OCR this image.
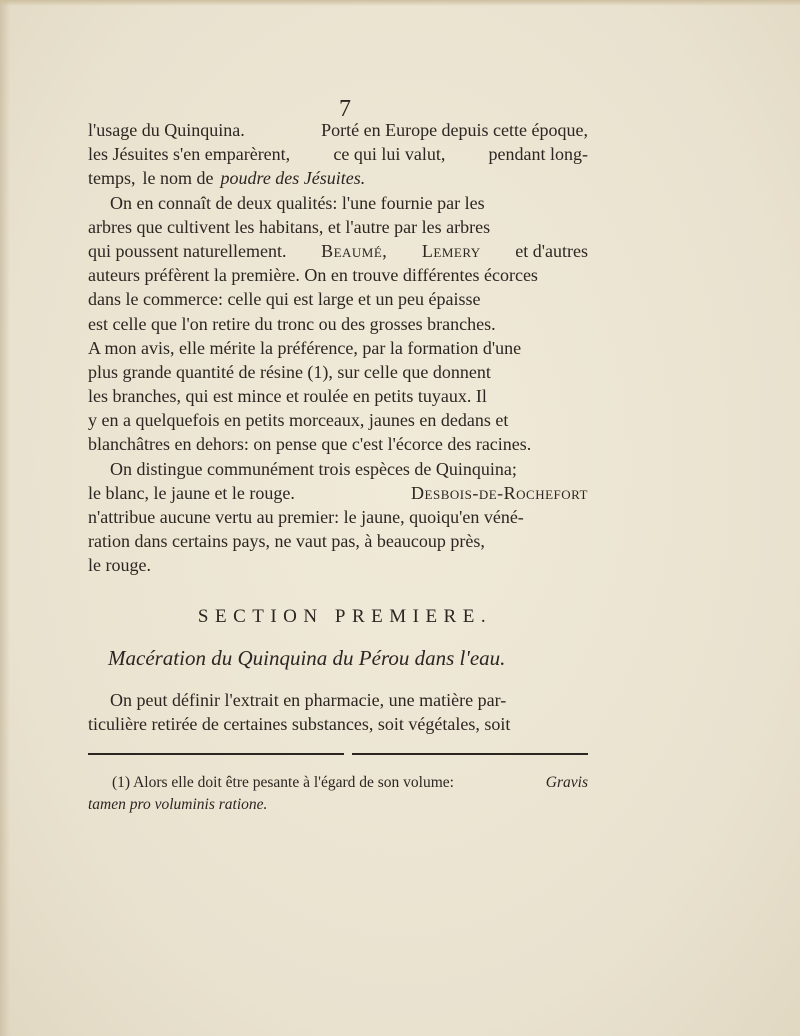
7
l'usage du Quinquina.	Porté en Europe depuis cette époque,
les Jésuites s'en emparèrent, ce qui lui valut, pendant long-
temps, le nom de poudre des Jésuites.
On en connaît de deux qualités: l'une fournie par les
arbres que cultivent les habitans, et l'autre par les arbres
qui poussent naturellement. Beaumé, Lemery et d'autres
auteurs préfèrent la première. On en trouve différentes écorces
dans le commerce: celle qui est large et un peu épaisse
est celle que l'on retire du tronc ou des grosses branches.
A mon avis, elle mérite la préférence, par la formation d'une
plus grande quantité de résine (1), sur celle que donnent
les branches, qui est mince et roulée en petits tuyaux. Il
y en a quelquefois en petits morceaux, jaunes en dedans et
blanchâtres en dehors: on pense que c'est l'écorce des racines.
On distingue communément trois espèces de Quinquina;
le blanc, le jaune et le rouge.	Desbois-de-Rochefort
n'attribue aucune vertu au premier: le jaune, quoiqu'en véné-
ration dans certains pays, ne vaut pas, à beaucoup près,
le rouge.
SECTION PREMIERE.
Macération du Quinquina du Pérou dans l'eau.
On peut définir l'extrait en pharmacie, une matière par-
ticulière retirée de certaines substances, soit végétales, soit
(1) Alors elle doit être pesante à l'égard de son volume:	Gravis
tamen pro voluminis ratione.
